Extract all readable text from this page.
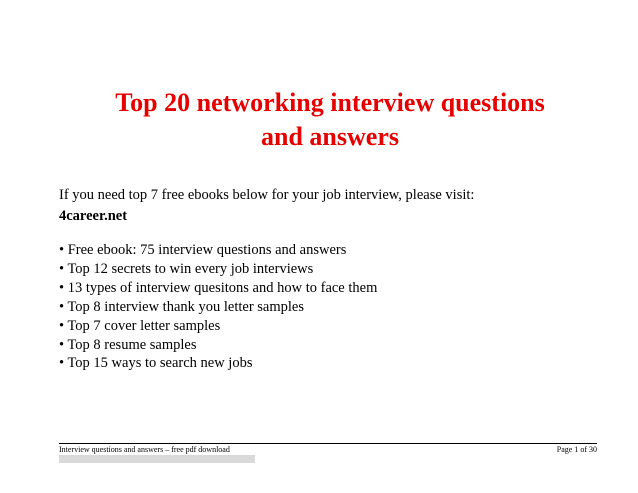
Top 20 networking interview questions
and answers

If you need top 7 free ebooks below for your job interview, please visit:
4career.net

• Free ebook: 75 interview questions and answers
• Top 12 secrets to win every job interviews
• 13 types of interview quesitons and how to face them
• Top 8 interview thank you letter samples
• Top 7 cover letter samples
• Top 8 resume samples
• Top 15 ways to search new jobs
Interview questions and answers – free pdf download	Page 1 of 30
